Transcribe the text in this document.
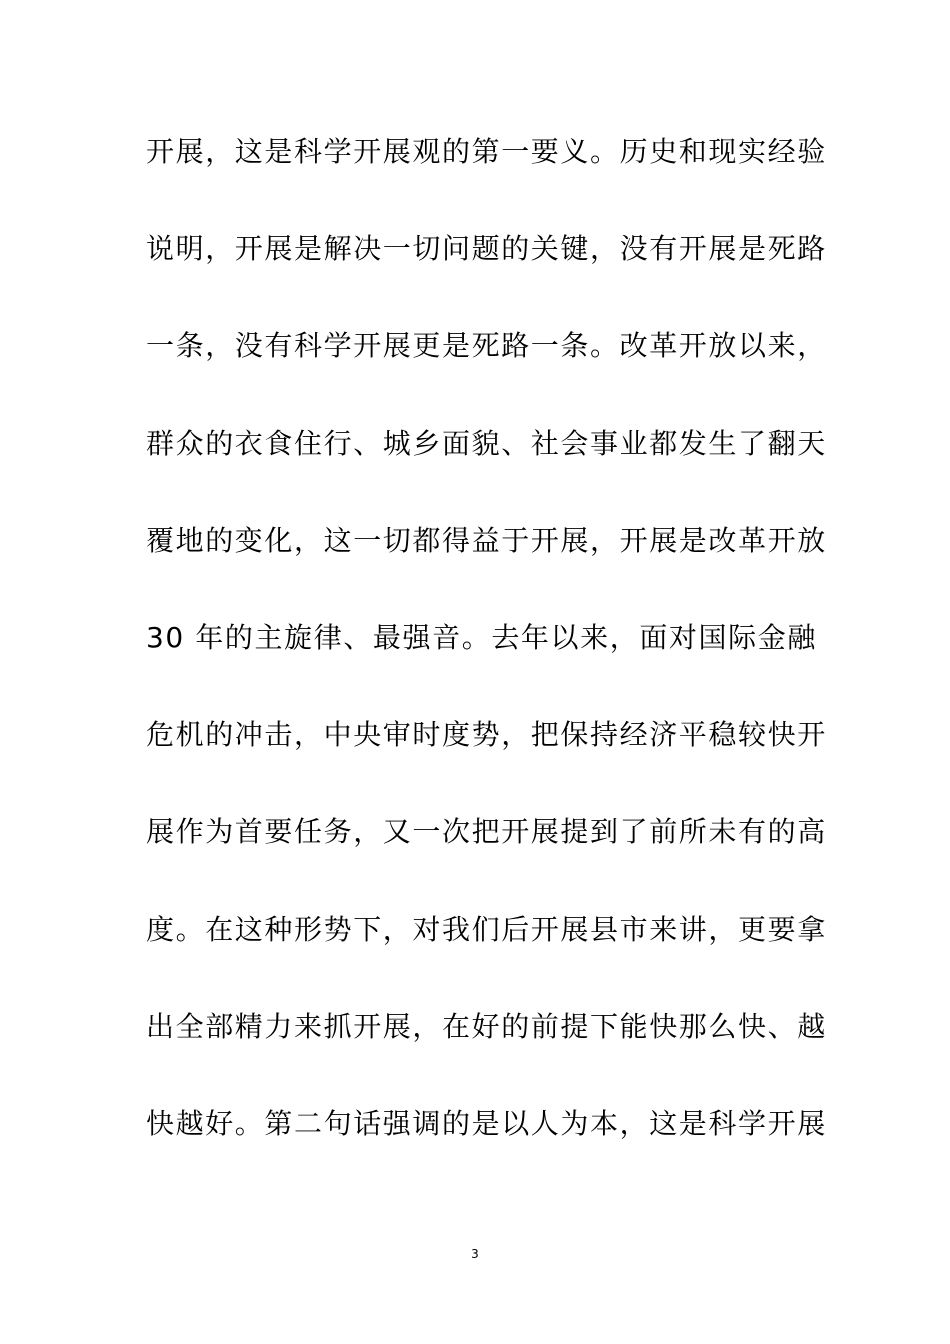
开展，这是科学开展观的第一要义。历史和现实经验
说明，开展是解决一切问题的关键，没有开展是死路
一条，没有科学开展更是死路一条。改革开放以来，
群众的衣食住行、城乡面貌、社会事业都发生了翻天
覆地的变化，这一切都得益于开展，开展是改革开放
30 年的主旋律、最强音。去年以来，面对国际金融
危机的冲击，中央审时度势，把保持经济平稳较快开
展作为首要任务，又一次把开展提到了前所未有的高
度。在这种形势下，对我们后开展县市来讲，更要拿
出全部精力来抓开展，在好的前提下能快那么快、越
快越好。第二句话强调的是以人为本，这是科学开展
3
